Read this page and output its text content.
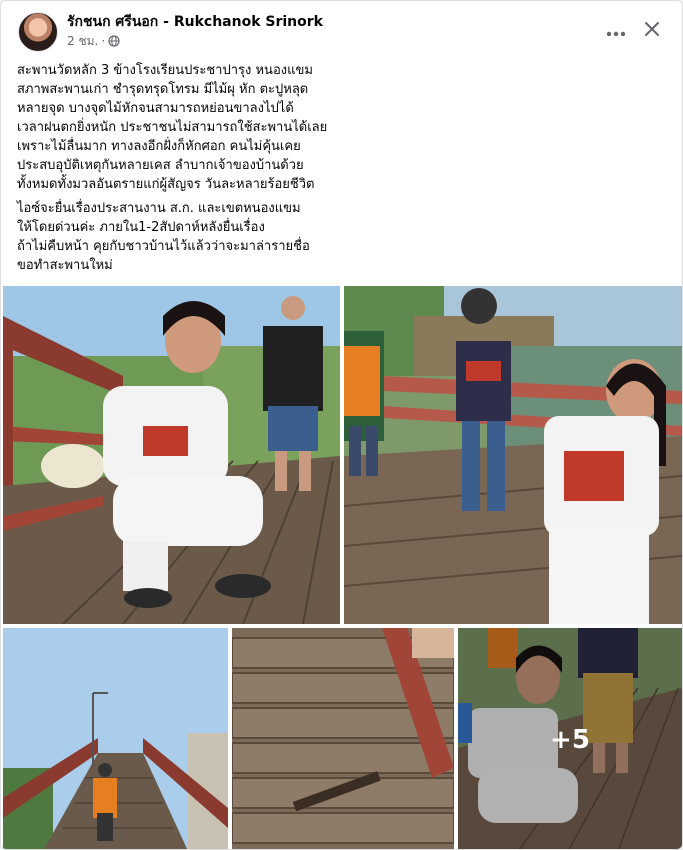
รักชนก ศรีนอก - Rukchanok Srinork
2 ชม. ·

สะพานวัดหลัก 3 ข้างโรงเรียนประชาปารุง หนองแขม
สภาพสะพานเก่า ชำรุดทรุดโทรม มีไม้ผุ หัก ตะปูหลุด
หลายจุด บางจุดไม้หักจนสามารถหย่อนขาลงไปได้
เวลาฝนตกยิ่งหนัก ประชาชนไม่สามารถใช้สะพานได้เลย
เพราะไม้ลื่นมาก ทางลงอีกฝั่งก็หักศอก คนไม่คุ้นเคย
ประสบอุบัติเหตุกันหลายเคส ลำบากเจ้าของบ้านด้วย
ทั้งหมดทั้งมวลอันตรายแก่ผู้สัญจร วันละหลายร้อยชีวิต

ไอซ์จะยื่นเรื่องประสานงาน ส.ก. และเขตหนองแขม
ให้โดยด่วนค่ะ ภายใน1-2สัปดาห์หลังยื่นเรื่อง
ถ้าไม่คืบหน้า คุยกับชาวบ้านไว้แล้วว่าจะมาล่ารายชื่อ
ขอทำสะพานใหม่

+5
